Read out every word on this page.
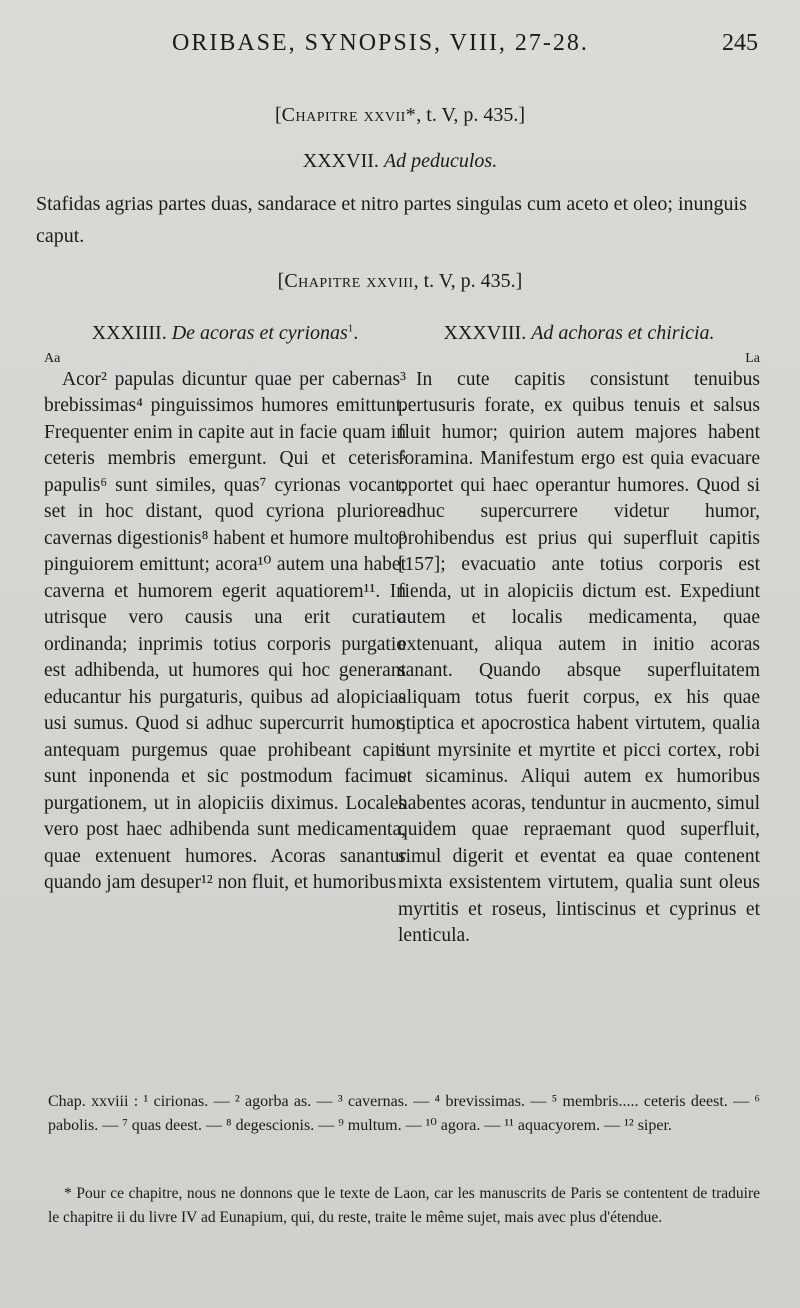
ORIBASE, SYNOPSIS, VIII, 27-28.	245
[Chapitre xxvii*, t. V, p. 435.]
XXXVII. Ad peduculos.

Stafidas agrias partes duas, sandarace et nitro partes singulas cum aceto et oleo; inunguis caput.

[Chapitre xxviii, t. V, p. 435.]
XXXIIII. De acoras et cyrionas$^1$.
Aa

Acor² papulas dicuntur quae per cabernas³ brebissimas⁴ pinguissimos humores emittunt. Frequenter enim in capite aut in facie quam in ceteris membris emergunt. Qui et ceteris⁵ papulis⁶ sunt similes, quas⁷ cyrionas vocant; set in hoc distant, quod cyriona pluriores cavernas digestionis⁸ habent et humore multo⁹ pinguiorem emittunt; acora¹⁰ autem una habet caverna et humorem egerit aquatiorem¹¹. In utrisque vero causis una erit curatio ordinanda; inprimis totius corporis purgatio est adhibenda, ut humores qui hoc generant educantur his purgaturis, quibus ad alopicias usi sumus. Quod si adhuc supercurrit humor, antequam purgemus quae prohibeant capiti sunt inponenda et sic postmodum facimus purgationem, ut in alopiciis diximus. Locales vero post haec adhibenda sunt medicamenta, quae extenuent humores. Acoras sanantur quando jam desuper¹² non fluit, et humoribus

XXXVIII. Ad achoras et chiricia.
La

In cute capitis consistunt tenuibus pertusuris forate, ex quibus tenuis et salsus fluit humor; quirion autem majores habent foramina. Manifestum ergo est quia evacuare oportet qui haec operantur humores. Quod si adhuc supercurrere videtur humor, prohibendus est prius qui superfluit capitis [157]; evacuatio ante totius corporis est fienda, ut in alopiciis dictum est. Expediunt autem et localis medicamenta, quae extenuant, aliqua autem in initio acoras sanant. Quando absque superfluitatem aliquam totus fuerit corpus, ex his quae stiptica et apocrostica habent virtutem, qualia sunt myrsinite et myrtite et picci cortex, robi et sicaminus. Aliqui autem ex humoribus habentes acoras, tenduntur in aucmento, simul quidem quae repraemant quod superfluit, simul digerit et eventat ea quae contenent mixta exsistentem virtutem, qualia sunt oleus myrtitis et roseus, lintiscinus et cyprinus et lenticula.

Chap. xxviii : ¹ cirionas. — ² agorba as. — ³ cavernas. — ⁴ brevissimas. — ⁵ membris..... ceteris deest. — ⁶ pabolis. — ⁷ quas deest. — ⁸ degescionis. — ⁹ multum. — ¹⁰ agora. — ¹¹ aquacyorem. — ¹² siper.

* Pour ce chapitre, nous ne donnons que le texte de Laon, car les manuscrits de Paris se contentent de traduire le chapitre ii du livre IV ad Eunapium, qui, du reste, traite le même sujet, mais avec plus d'étendue.
